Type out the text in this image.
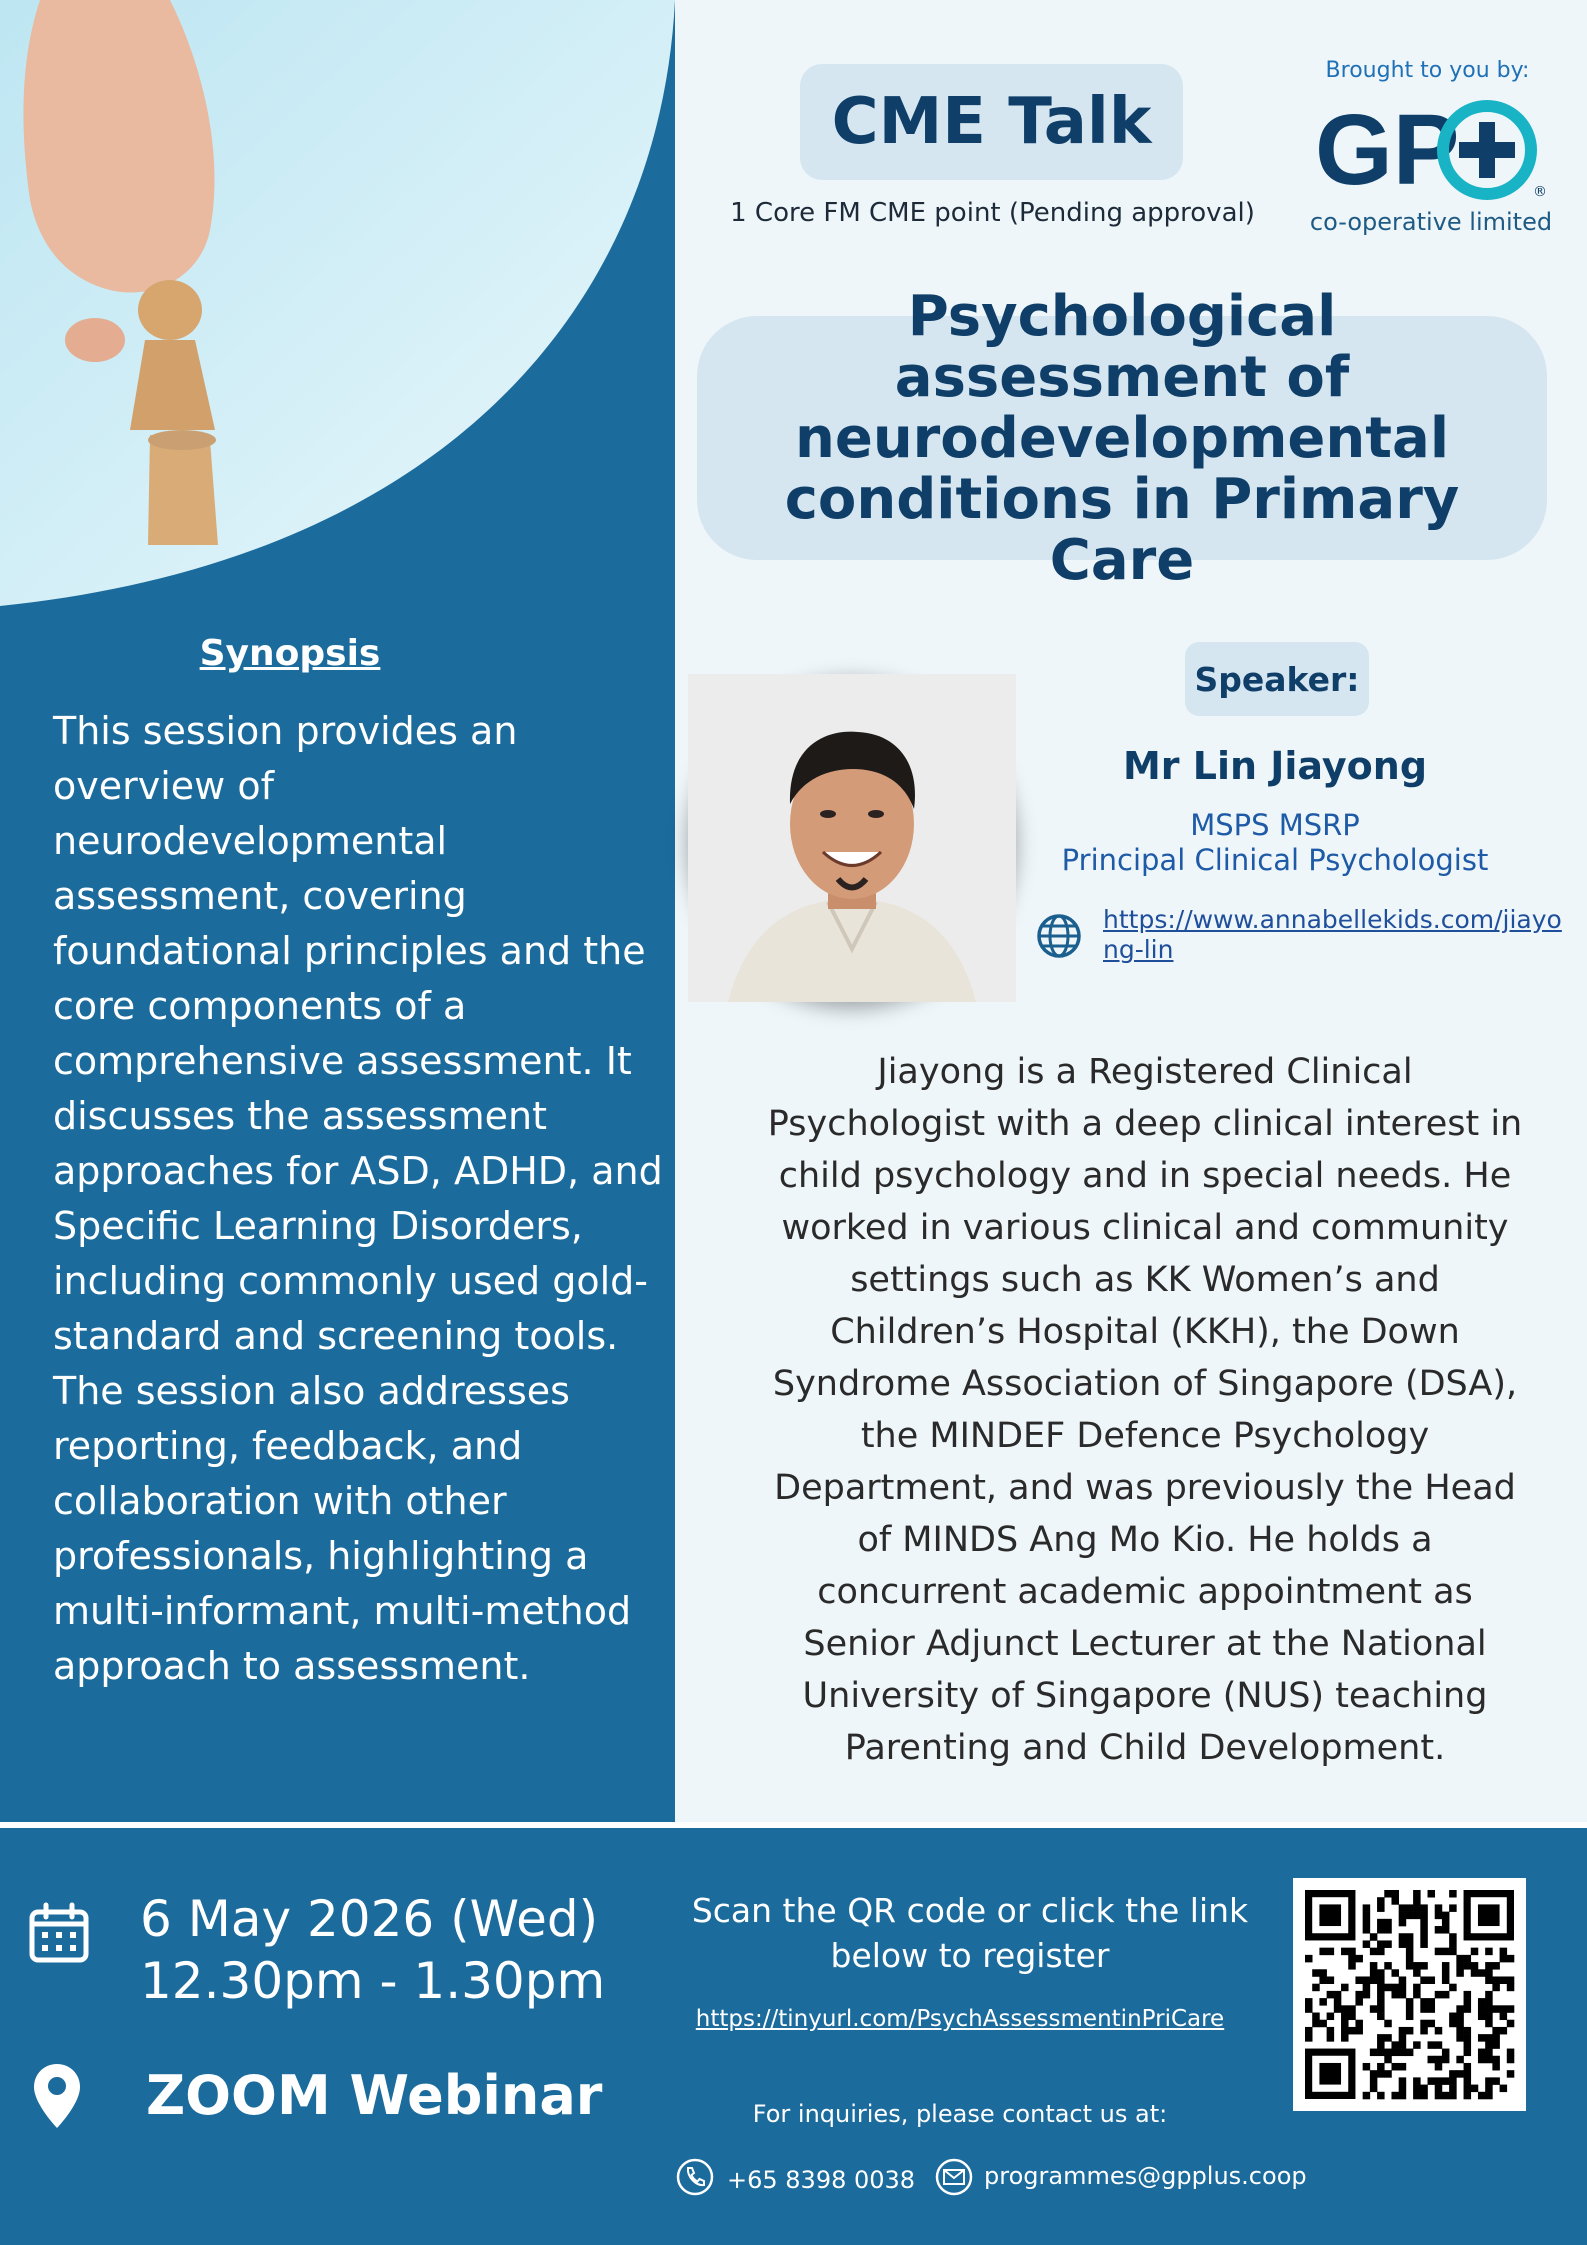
Synopsis
This session provides an overview of neurodevelopmental assessment, covering foundational principles and the core components of a comprehensive assessment. It discusses the assessment approaches for ASD, ADHD, and Specific Learning Disorders, including commonly used gold-standard and screening tools. The session also addresses reporting, feedback, and collaboration with other professionals, highlighting a multi-informant, multi-method approach to assessment.
CME Talk
1 Core FM CME point (Pending approval)
Brought to you by:
GP	®
co-operative limited
Psychological assessment of neurodevelopmental conditions in Primary Care
Speaker:
Mr Lin Jiayong
MSPS MSRP
Principal Clinical Psychologist
https://www.annabellekids.com/jiayong-lin
Jiayong is a Registered Clinical Psychologist with a deep clinical interest in child psychology and in special needs. He worked in various clinical and community settings such as KK Women’s and Children’s Hospital (KKH), the Down Syndrome Association of Singapore (DSA), the MINDEF Defence Psychology Department, and was previously the Head of MINDS Ang Mo Kio. He holds a concurrent academic appointment as Senior Adjunct Lecturer at the National University of Singapore (NUS) teaching Parenting and Child Development.
6 May 2026 (Wed)
12.30pm - 1.30pm
ZOOM Webinar
Scan the QR code or click the link below to register
https://tinyurl.com/PsychAssessmentinPriCare
For inquiries, please contact us at:
+65 8398 0038	programmes@gpplus.coop
